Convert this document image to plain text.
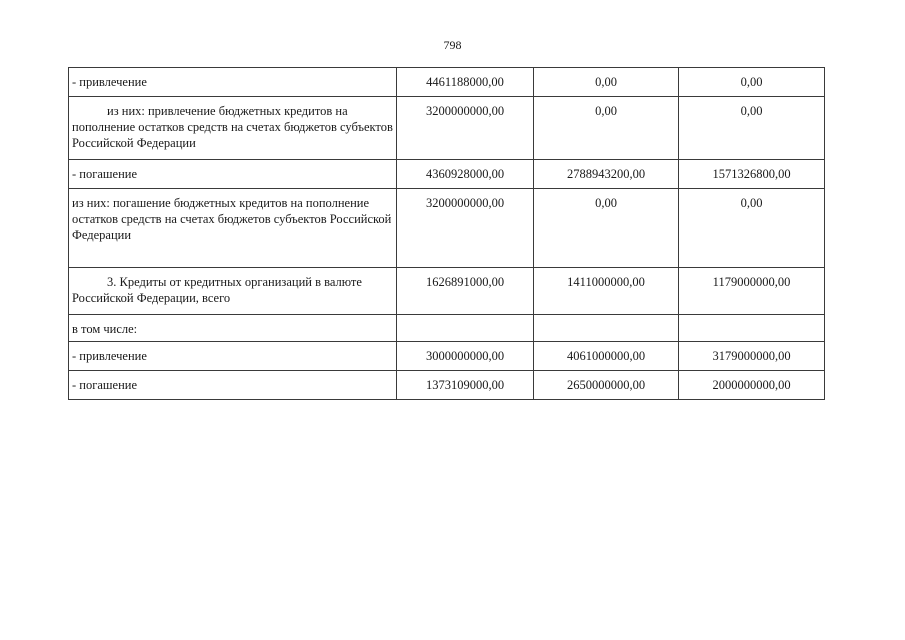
798
- привлечение	4461188000,00	0,00	0,00
из них: привлечение бюджетных кредитов на пополнение остатков средств на счетах бюджетов субъектов Российской Федерации	3200000000,00	0,00	0,00
- погашение	4360928000,00	2788943200,00	1571326800,00
из них: погашение бюджетных кредитов на пополнение остатков средств на счетах бюджетов субъектов Российской Федерации	3200000000,00	0,00	0,00
3. Кредиты от кредитных организаций в валюте Российской Федерации, всего	1626891000,00	1411000000,00	1179000000,00
в том числе:			
- привлечение	3000000000,00	4061000000,00	3179000000,00
- погашение	1373109000,00	2650000000,00	2000000000,00
